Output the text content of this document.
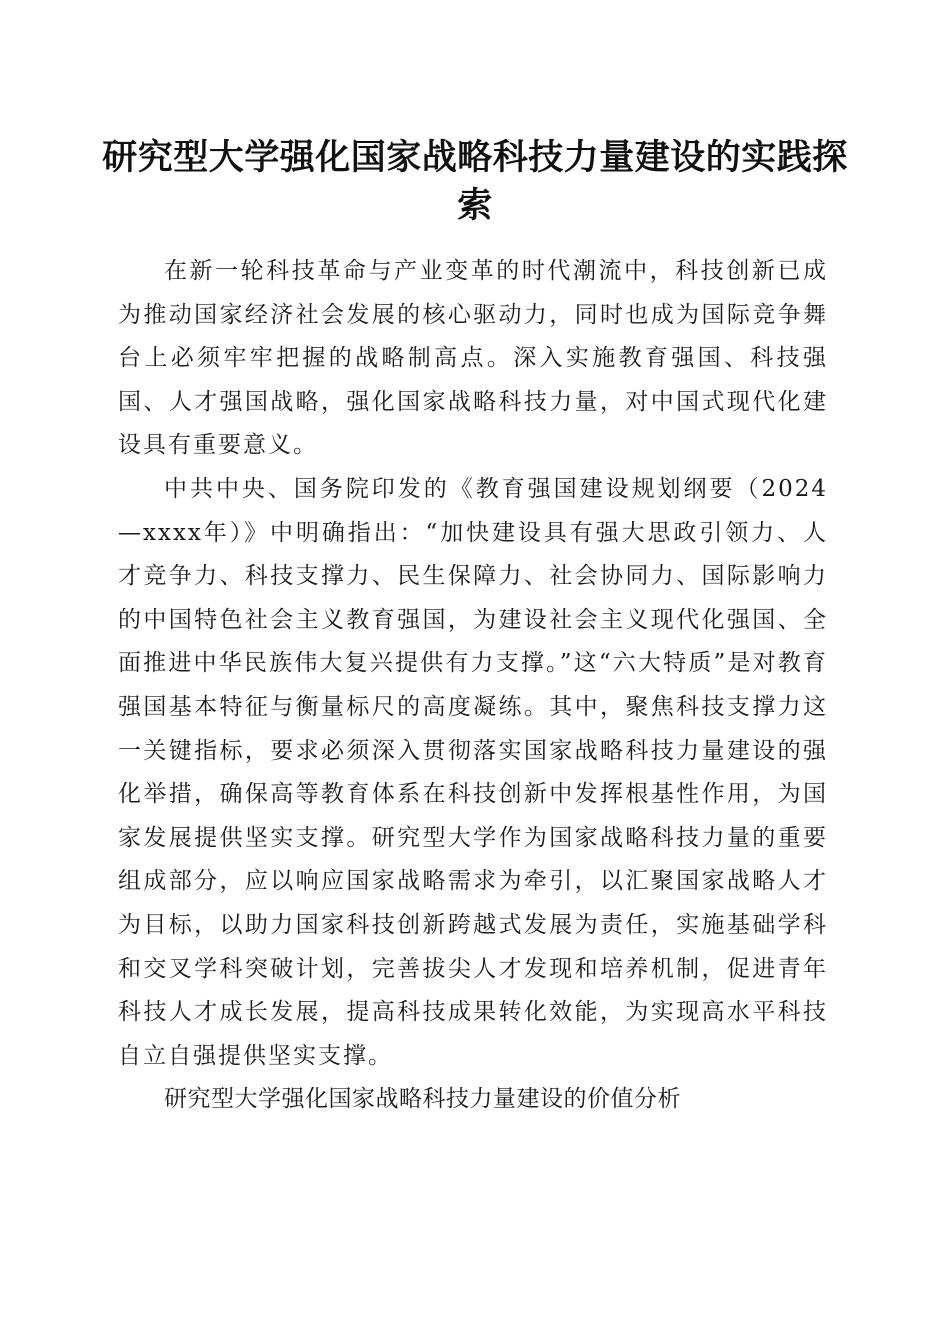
研究型大学强化国家战略科技力量建设的实践探索

在新一轮科技革命与产业变革的时代潮流中，科技创新已成为推动国家经济社会发展的核心驱动力，同时也成为国际竞争舞台上必须牢牢把握的战略制高点。深入实施教育强国、科技强国、人才强国战略，强化国家战略科技力量，对中国式现代化建设具有重要意义。

中共中央、国务院印发的《教育强国建设规划纲要（2024—xxxx年）》中明确指出：“加快建设具有强大思政引领力、人才竞争力、科技支撑力、民生保障力、社会协同力、国际影响力的中国特色社会主义教育强国，为建设社会主义现代化强国、全面推进中华民族伟大复兴提供有力支撑。”这“六大特质”是对教育强国基本特征与衡量标尺的高度凝练。其中，聚焦科技支撑力这一关键指标，要求必须深入贯彻落实国家战略科技力量建设的强化举措，确保高等教育体系在科技创新中发挥根基性作用，为国家发展提供坚实支撑。研究型大学作为国家战略科技力量的重要组成部分，应以响应国家战略需求为牵引，以汇聚国家战略人才为目标，以助力国家科技创新跨越式发展为责任，实施基础学科和交叉学科突破计划，完善拔尖人才发现和培养机制，促进青年科技人才成长发展，提高科技成果转化效能，为实现高水平科技自立自强提供坚实支撑。

研究型大学强化国家战略科技力量建设的价值分析
